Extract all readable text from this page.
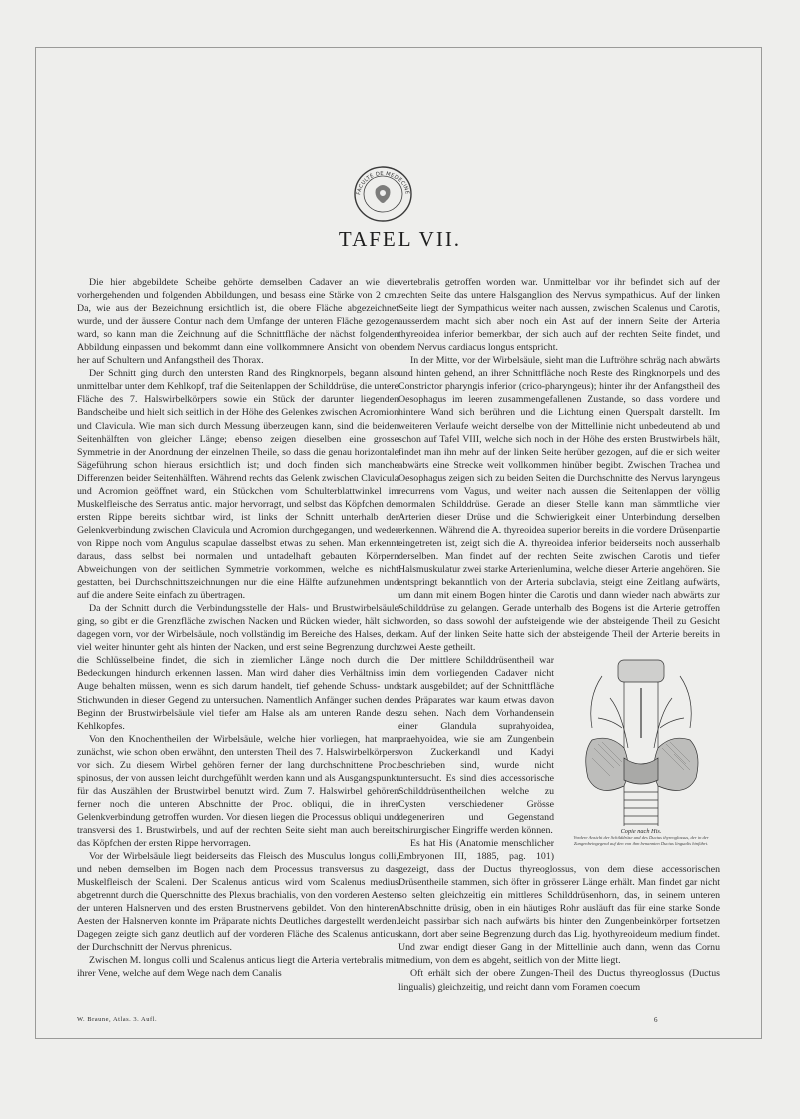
FACULTÉ DE MEDECINE
TAFEL VII.

Die hier abgebildete Scheibe gehörte demselben Cadaver an wie die vorhergehenden und folgenden Abbildungen, und besass eine Stärke von 2 cm. Da, wie aus der Bezeichnung ersichtlich ist, die obere Fläche abgezeichnet wurde, und der äussere Contur nach dem Umfange der unteren Fläche gezogen ward, so kann man die Zeichnung auf die Schnittfläche der nächst folgenden Abbildung einpassen und bekommt dann eine vollkommnere Ansicht von oben her auf Schultern und Anfangstheil des Thorax.

Der Schnitt ging durch den untersten Rand des Ringknorpels, begann also unmittelbar unter dem Kehlkopf, traf die Seitenlappen der Schilddrüse, die untere Fläche des 7. Halswirbelkörpers sowie ein Stück der darunter liegenden Bandscheibe und hielt sich seitlich in der Höhe des Gelenkes zwischen Acromion und Clavicula. Wie man sich durch Messung überzeugen kann, sind die beiden Seitenhälften von gleicher Länge; ebenso zeigen dieselben eine grosse Symmetrie in der Anordnung der einzelnen Theile, so dass die genau horizontale Sägeführung schon hieraus ersichtlich ist; und doch finden sich manche Differenzen beider Seitenhälften. Während rechts das Gelenk zwischen Clavicula und Acromion geöffnet ward, ein Stückchen vom Schulterblattwinkel im Muskelfleische des Serratus antic. major hervorragt, und selbst das Köpfchen der ersten Rippe bereits sichtbar wird, ist links der Schnitt unterhalb der Gelenkverbindung zwischen Clavicula und Acromion durchgegangen, und weder von Rippe noch vom Angulus scapulae dasselbst etwas zu sehen. Man erkennt daraus, dass selbst bei normalen und untadelhaft gebauten Körpern Abweichungen von der seitlichen Symmetrie vorkommen, welche es nicht gestatten, bei Durchschnittszeichnungen nur die eine Hälfte aufzunehmen und auf die andere Seite einfach zu übertragen.

Da der Schnitt durch die Verbindungsstelle der Hals- und Brustwirbelsäule ging, so gibt er die Grenzfläche zwischen Nacken und Rücken wieder, hält sich dagegen vorn, vor der Wirbelsäule, noch vollständig im Bereiche des Halses, der viel weiter hinunter geht als hinten der Nacken, und erst seine Begrenzung durch die Schlüsselbeine findet, die sich in ziemlicher Länge noch durch die Bedeckungen hindurch erkennen lassen. Man wird daher dies Verhältniss im Auge behalten müssen, wenn es sich darum handelt, tief gehende Schuss- und Stichwunden in dieser Gegend zu untersuchen. Namentlich Anfänger suchen den Beginn der Brustwirbelsäule viel tiefer am Halse als am unteren Rande des Kehlkopfes.

Von den Knochentheilen der Wirbelsäule, welche hier vorliegen, hat man zunächst, wie schon oben erwähnt, den untersten Theil des 7. Halswirbelkörpers vor sich. Zu diesem Wirbel gehören ferner der lang durchschnittene Proc. spinosus, der von aussen leicht durchgefühlt werden kann und als Ausgangspunkt für das Auszählen der Brustwirbel benutzt wird. Zum 7. Halswirbel gehören ferner noch die unteren Abschnitte der Proc. obliqui, die in ihrer Gelenkverbindung getroffen wurden. Vor diesen liegen die Processus obliqui und transversi des 1. Brustwirbels, und auf der rechten Seite sieht man auch bereits das Köpfchen der ersten Rippe hervorragen.

Vor der Wirbelsäule liegt beiderseits das Fleisch des Musculus longus colli, und neben demselben im Bogen nach dem Processus transversus zu das Muskelfleisch der Scaleni. Der Scalenus anticus wird vom Scalenus medius abgetrennt durch die Querschnitte des Plexus brachialis, von den vorderen Aesten der unteren Halsnerven und des ersten Brustnervens gebildet. Von den hinteren Aesten der Halsnerven konnte im Präparate nichts Deutliches dargestellt werden. Dagegen zeigte sich ganz deutlich auf der vorderen Fläche des Scalenus anticus der Durchschnitt der Nervus phrenicus.

Zwischen M. longus colli und Scalenus anticus liegt die Arteria vertebralis mit ihrer Vene, welche auf dem Wege nach dem Canalis

vertebralis getroffen worden war. Unmittelbar vor ihr befindet sich auf der rechten Seite das untere Halsganglion des Nervus sympathicus. Auf der linken Seite liegt der Sympathicus weiter nach aussen, zwischen Scalenus und Carotis, ausserdem macht sich aber noch ein Ast auf der innern Seite der Arteria thyreoidea inferior bemerkbar, der sich auch auf der rechten Seite findet, und dem Nervus cardiacus longus entspricht.

In der Mitte, vor der Wirbelsäule, sieht man die Luftröhre schräg nach abwärts und hinten gehend, an ihrer Schnittfläche noch Reste des Ringknorpels und des Constrictor pharyngis inferior (crico-pharyngeus); hinter ihr der Anfangstheil des Oesophagus im leeren zusammengefallenen Zustande, so dass vordere und hintere Wand sich berühren und die Lichtung einen Querspalt darstellt. Im weiteren Verlaufe weicht derselbe von der Mittellinie nicht unbedeutend ab und schon auf Tafel VIII, welche sich noch in der Höhe des ersten Brustwirbels hält, findet man ihn mehr auf der linken Seite herüber gezogen, auf die er sich weiter abwärts eine Strecke weit vollkommen hinüber begibt. Zwischen Trachea und Oesophagus zeigen sich zu beiden Seiten die Durchschnitte des Nervus laryngeus recurrens vom Vagus, und weiter nach aussen die Seitenlappen der völlig normalen Schilddrüse. Gerade an dieser Stelle kann man sämmtliche vier Arterien dieser Drüse und die Schwierigkeit einer Unterbindung derselben erkennen. Während die A. thyreoidea superior bereits in die vordere Drüsenpartie eingetreten ist, zeigt sich die A. thyreoidea inferior beiderseits noch ausserhalb derselben. Man findet auf der rechten Seite zwischen Carotis und tiefer Halsmuskulatur zwei starke Arterienlumina, welche dieser Arterie angehören. Sie entspringt bekanntlich von der Arteria subclavia, steigt eine Zeitlang aufwärts, um dann mit einem Bogen hinter die Carotis und dann wieder nach abwärts zur Schilddrüse zu gelangen. Gerade unterhalb des Bogens ist die Arterie getroffen worden, so dass sowohl der aufsteigende wie der absteigende Theil zu Gesicht kam. Auf der linken Seite hatte sich der absteigende Theil der Arterie bereits in zwei Aeste getheilt.

Copie nach His.
Vordere Ansicht der Schilddrüse und des Ductus thyreoglossus, der in der Zungenbeingegend auf den von ihm benannten Ductus lingualis hinführt.

Der mittlere Schilddrüsentheil war in dem vorliegenden Cadaver nicht stark ausgebildet; auf der Schnittfläche des Präparates war kaum etwas davon zu sehen. Nach dem Vorhandensein einer Glandula suprahyoidea, praehyoidea, wie sie am Zungenbein von Zuckerkandl und Kadyi beschrieben sind, wurde nicht untersucht. Es sind dies accessorische Schilddrüsentheilchen welche zu Cysten verschiedener Grösse degeneriren und Gegenstand chirurgischer Eingriffe werden können.

Es hat His (Anatomie menschlicher Embryonen III, 1885, pag. 101) gezeigt, dass der Ductus thyreoglossus, von dem diese accessorischen Drüsentheile stammen, sich öfter in grösserer Länge erhält. Man findet gar nicht so selten gleichzeitig ein mittleres Schilddrüsenhorn, das, in seinem unteren Abschnitte drüsig, oben in ein häutiges Rohr ausläuft das für eine starke Sonde leicht passirbar sich nach aufwärts bis hinter den Zungenbeinkörper fortsetzen kann, dort aber seine Begrenzung durch das Lig. hyothyreoideum medium findet. Und zwar endigt dieser Gang in der Mittellinie auch dann, wenn das Cornu medium, von dem es abgeht, seitlich von der Mitte liegt.

Oft erhält sich der obere Zungen-Theil des Ductus thyreoglossus (Ductus lingualis) gleichzeitig, und reicht dann vom Foramen coecum

W. Braune, Atlas. 3. Aufl.	6
